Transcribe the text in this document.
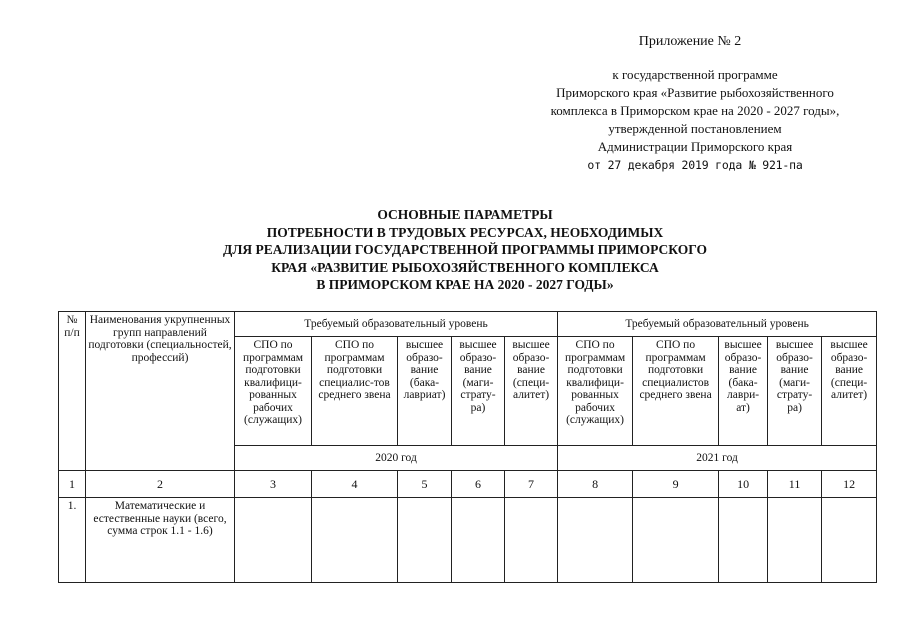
Приложение № 2
к государственной программе
Приморского края «Развитие рыбохозяйственного
комплекса в Приморском крае на 2020 - 2027 годы»,
утвержденной постановлением
Администрации Приморского края
от 27 декабря 2019 года № 921-па
ОСНОВНЫЕ ПАРАМЕТРЫ
ПОТРЕБНОСТИ В ТРУДОВЫХ РЕСУРСАХ, НЕОБХОДИМЫХ
ДЛЯ РЕАЛИЗАЦИИ ГОСУДАРСТВЕННОЙ ПРОГРАММЫ ПРИМОРСКОГО
КРАЯ «РАЗВИТИЕ РЫБОХОЗЯЙСТВЕННОГО КОМПЛЕКСА
В ПРИМОРСКОМ КРАЕ НА 2020 - 2027 ГОДЫ»
№ п/п	Наименования укрупненных групп направлений подготовки (специальностей, профессий)	Требуемый образовательный уровень					Требуемый образовательный уровень				
		СПО по программам подготовки квалифици-рованных рабочих (служащих)	СПО по программам подготовки специалис-тов среднего звена	высшее образо-вание (бака-лавриат)	высшее образо-вание (маги-страту-ра)	высшее образо-вание (специ-алитет)	СПО по программам подготовки квалифици-рованных рабочих (служащих)	СПО по программам подготовки специалистов среднего звена	высшее образо-вание (бака-лаври-ат)	высшее образо-вание (маги-страту-ра)	высшее образо-вание (специ-алитет)
		2020 год					2021 год				
1	2	3	4	5	6	7	8	9	10	11	12
1.	Математические и естественные науки (всего, сумма строк 1.1 - 1.6)										
